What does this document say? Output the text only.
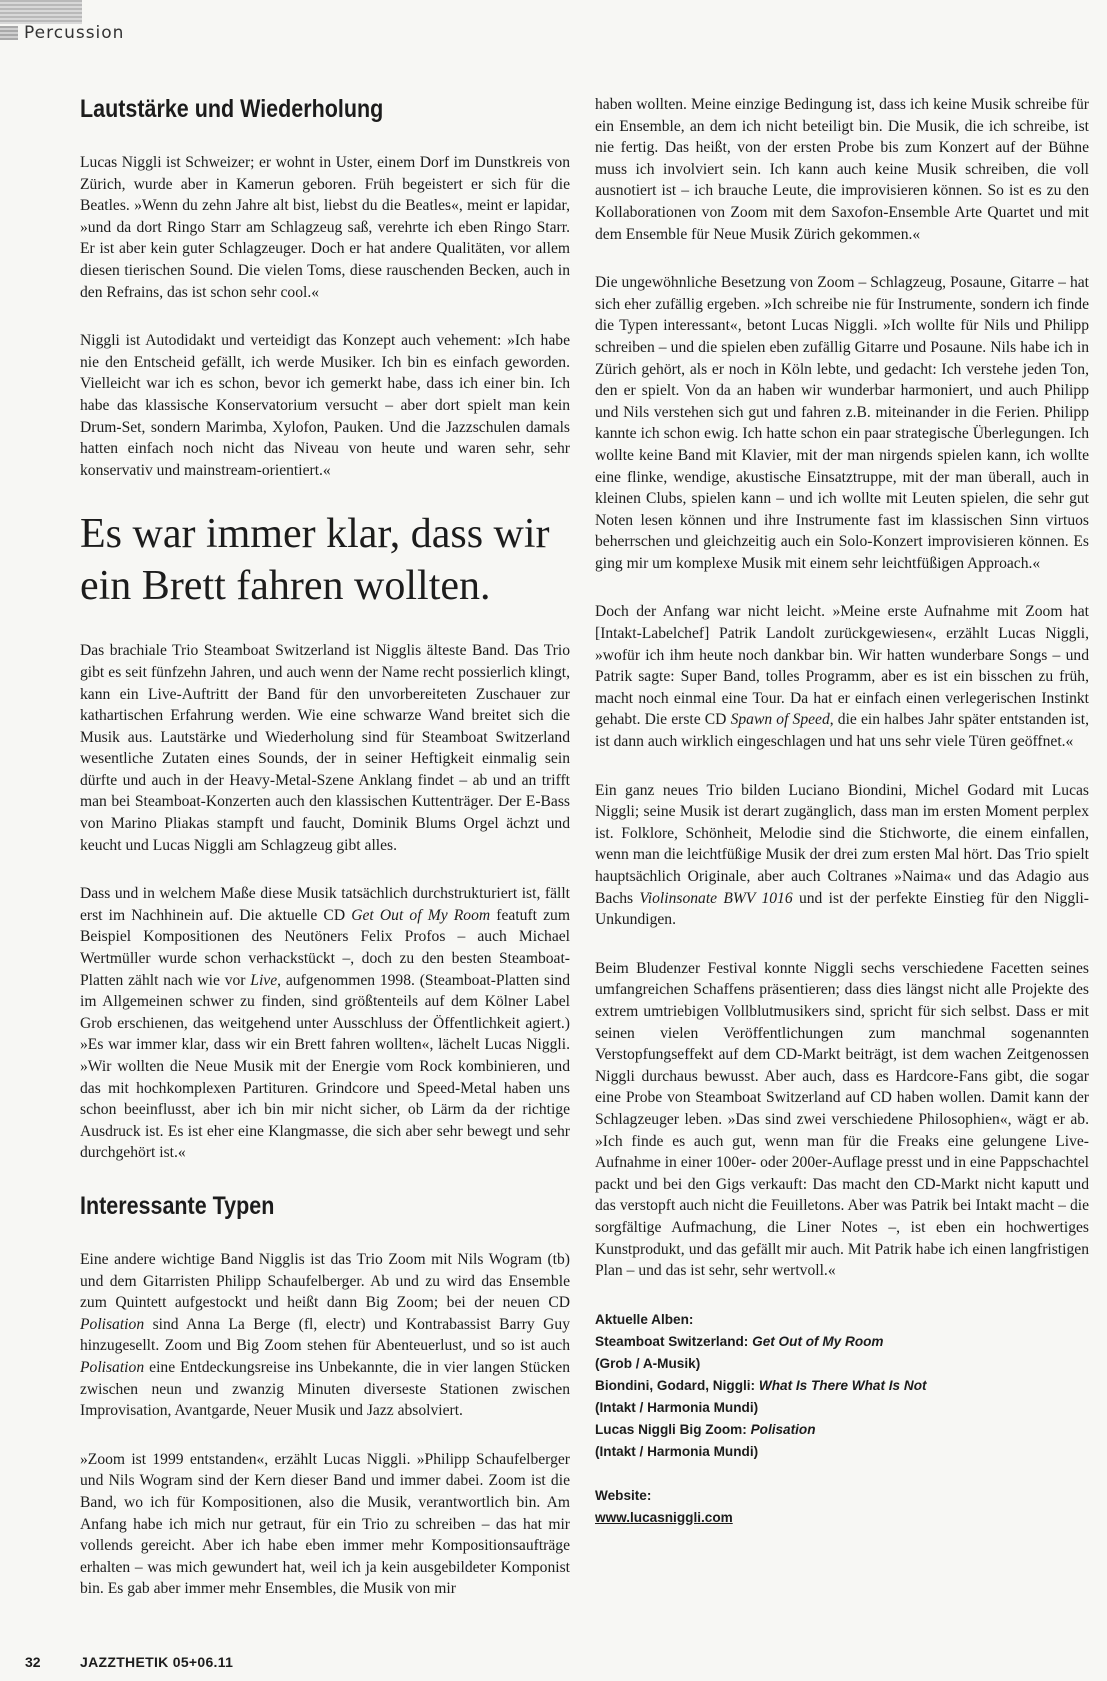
Percussion
Lautstärke und Wiederholung

Lucas Niggli ist Schweizer; er wohnt in Uster, einem Dorf im Dunstkreis von Zürich, wurde aber in Kamerun geboren. Früh begeistert er sich für die Beatles. »Wenn du zehn Jahre alt bist, liebst du die Beatles«, meint er lapidar, »und da dort Ringo Starr am Schlagzeug saß, verehrte ich eben Ringo Starr. Er ist aber kein guter Schlagzeuger. Doch er hat andere Qualitäten, vor allem diesen tierischen Sound. Die vielen Toms, diese rauschenden Becken, auch in den Refrains, das ist schon sehr cool.«

Niggli ist Autodidakt und verteidigt das Konzept auch vehement: »Ich habe nie den Entscheid gefällt, ich werde Musiker. Ich bin es einfach geworden. Vielleicht war ich es schon, bevor ich gemerkt habe, dass ich einer bin. Ich habe das klassische Konservatorium versucht – aber dort spielt man kein Drum-Set, sondern Marimba, Xylofon, Pauken. Und die Jazzschulen damals hatten einfach noch nicht das Niveau von heute und waren sehr, sehr konservativ und mainstream-orientiert.«

Es war immer klar, dass wir ein Brett fahren wollten.

Das brachiale Trio Steamboat Switzerland ist Nigglis älteste Band. Das Trio gibt es seit fünfzehn Jahren, und auch wenn der Name recht possierlich klingt, kann ein Live-Auftritt der Band für den unvorbereiteten Zuschauer zur kathartischen Erfahrung werden. Wie eine schwarze Wand breitet sich die Musik aus. Lautstärke und Wiederholung sind für Steamboat Switzerland wesentliche Zutaten eines Sounds, der in seiner Heftigkeit einmalig sein dürfte und auch in der Heavy-Metal-Szene Anklang findet – ab und an trifft man bei Steamboat-Konzerten auch den klassischen Kuttenträger. Der E-Bass von Marino Pliakas stampft und faucht, Dominik Blums Orgel ächzt und keucht und Lucas Niggli am Schlagzeug gibt alles.

Dass und in welchem Maße diese Musik tatsächlich durchstrukturiert ist, fällt erst im Nachhinein auf. Die aktuelle CD Get Out of My Room featuft zum Beispiel Kompositionen des Neutöners Felix Profos – auch Michael Wertmüller wurde schon verhackstückt –, doch zu den besten Steamboat-Platten zählt nach wie vor Live, aufgenommen 1998. (Steamboat-Platten sind im Allgemeinen schwer zu finden, sind größtenteils auf dem Kölner Label Grob erschienen, das weitgehend unter Ausschluss der Öffentlichkeit agiert.) »Es war immer klar, dass wir ein Brett fahren wollten«, lächelt Lucas Niggli. »Wir wollten die Neue Musik mit der Energie vom Rock kombinieren, und das mit hochkomplexen Partituren. Grindcore und Speed-Metal haben uns schon beeinflusst, aber ich bin mir nicht sicher, ob Lärm da der richtige Ausdruck ist. Es ist eher eine Klangmasse, die sich aber sehr bewegt und sehr durchgehört ist.«

Interessante Typen

Eine andere wichtige Band Nigglis ist das Trio Zoom mit Nils Wogram (tb) und dem Gitarristen Philipp Schaufelberger. Ab und zu wird das Ensemble zum Quintett aufgestockt und heißt dann Big Zoom; bei der neuen CD Polisation sind Anna La Berge (fl, electr) und Kontrabassist Barry Guy hinzugesellt. Zoom und Big Zoom stehen für Abenteuerlust, und so ist auch Polisation eine Entdeckungsreise ins Unbekannte, die in vier langen Stücken zwischen neun und zwanzig Minuten diverseste Stationen zwischen Improvisation, Avantgarde, Neuer Musik und Jazz absolviert.

»Zoom ist 1999 entstanden«, erzählt Lucas Niggli. »Philipp Schaufelberger und Nils Wogram sind der Kern dieser Band und immer dabei. Zoom ist die Band, wo ich für Kompositionen, also die Musik, verantwortlich bin. Am Anfang habe ich mich nur getraut, für ein Trio zu schreiben – das hat mir vollends gereicht. Aber ich habe eben immer mehr Kompositionsaufträge erhalten – was mich gewundert hat, weil ich ja kein ausgebildeter Komponist bin. Es gab aber immer mehr Ensembles, die Musik von mir

haben wollten. Meine einzige Bedingung ist, dass ich keine Musik schreibe für ein Ensemble, an dem ich nicht beteiligt bin. Die Musik, die ich schreibe, ist nie fertig. Das heißt, von der ersten Probe bis zum Konzert auf der Bühne muss ich involviert sein. Ich kann auch keine Musik schreiben, die voll ausnotiert ist – ich brauche Leute, die improvisieren können. So ist es zu den Kollaborationen von Zoom mit dem Saxofon-Ensemble Arte Quartet und mit dem Ensemble für Neue Musik Zürich gekommen.«

Die ungewöhnliche Besetzung von Zoom – Schlagzeug, Posaune, Gitarre – hat sich eher zufällig ergeben. »Ich schreibe nie für Instrumente, sondern ich finde die Typen interessant«, betont Lucas Niggli. »Ich wollte für Nils und Philipp schreiben – und die spielen eben zufällig Gitarre und Posaune. Nils habe ich in Zürich gehört, als er noch in Köln lebte, und gedacht: Ich verstehe jeden Ton, den er spielt. Von da an haben wir wunderbar harmoniert, und auch Philipp und Nils verstehen sich gut und fahren z.B. miteinander in die Ferien. Philipp kannte ich schon ewig. Ich hatte schon ein paar strategische Überlegungen. Ich wollte keine Band mit Klavier, mit der man nirgends spielen kann, ich wollte eine flinke, wendige, akustische Einsatztruppe, mit der man überall, auch in kleinen Clubs, spielen kann – und ich wollte mit Leuten spielen, die sehr gut Noten lesen können und ihre Instrumente fast im klassischen Sinn virtuos beherrschen und gleichzeitig auch ein Solo-Konzert improvisieren können. Es ging mir um komplexe Musik mit einem sehr leichtfüßigen Approach.«

Doch der Anfang war nicht leicht. »Meine erste Aufnahme mit Zoom hat [Intakt-Labelchef] Patrik Landolt zurückgewiesen«, erzählt Lucas Niggli, »wofür ich ihm heute noch dankbar bin. Wir hatten wunderbare Songs – und Patrik sagte: Super Band, tolles Programm, aber es ist ein bisschen zu früh, macht noch einmal eine Tour. Da hat er einfach einen verlegerischen Instinkt gehabt. Die erste CD Spawn of Speed, die ein halbes Jahr später entstanden ist, ist dann auch wirklich eingeschlagen und hat uns sehr viele Türen geöffnet.«

Ein ganz neues Trio bilden Luciano Biondini, Michel Godard mit Lucas Niggli; seine Musik ist derart zugänglich, dass man im ersten Moment perplex ist. Folklore, Schönheit, Melodie sind die Stichworte, die einem einfallen, wenn man die leichtfüßige Musik der drei zum ersten Mal hört. Das Trio spielt hauptsächlich Originale, aber auch Coltranes »Naima« und das Adagio aus Bachs Violinsonate BWV 1016 und ist der perfekte Einstieg für den Niggli-Unkundigen.

Beim Bludenzer Festival konnte Niggli sechs verschiedene Facetten seines umfangreichen Schaffens präsentieren; dass dies längst nicht alle Projekte des extrem umtriebigen Vollblutmusikers sind, spricht für sich selbst. Dass er mit seinen vielen Veröffentlichungen zum manchmal sogenannten Verstopfungseffekt auf dem CD-Markt beiträgt, ist dem wachen Zeitgenossen Niggli durchaus bewusst. Aber auch, dass es Hardcore-Fans gibt, die sogar eine Probe von Steamboat Switzerland auf CD haben wollen. Damit kann der Schlagzeuger leben. »Das sind zwei verschiedene Philosophien«, wägt er ab. »Ich finde es auch gut, wenn man für die Freaks eine gelungene Live-Aufnahme in einer 100er- oder 200er-Auflage presst und in eine Pappschachtel packt und bei den Gigs verkauft: Das macht den CD-Markt nicht kaputt und das verstopft auch nicht die Feuilletons. Aber was Patrik bei Intakt macht – die sorgfältige Aufmachung, die Liner Notes –, ist eben ein hochwertiges Kunstprodukt, und das gefällt mir auch. Mit Patrik habe ich einen langfristigen Plan – und das ist sehr, sehr wertvoll.«

Aktuelle Alben:
Steamboat Switzerland: Get Out of My Room
(Grob / A-Musik)
Biondini, Godard, Niggli: What Is There What Is Not
(Intakt / Harmonia Mundi)
Lucas Niggli Big Zoom: Polisation
(Intakt / Harmonia Mundi)
Website:
www.lucasniggli.com
32	JAZZTHETIK 05+06.11
